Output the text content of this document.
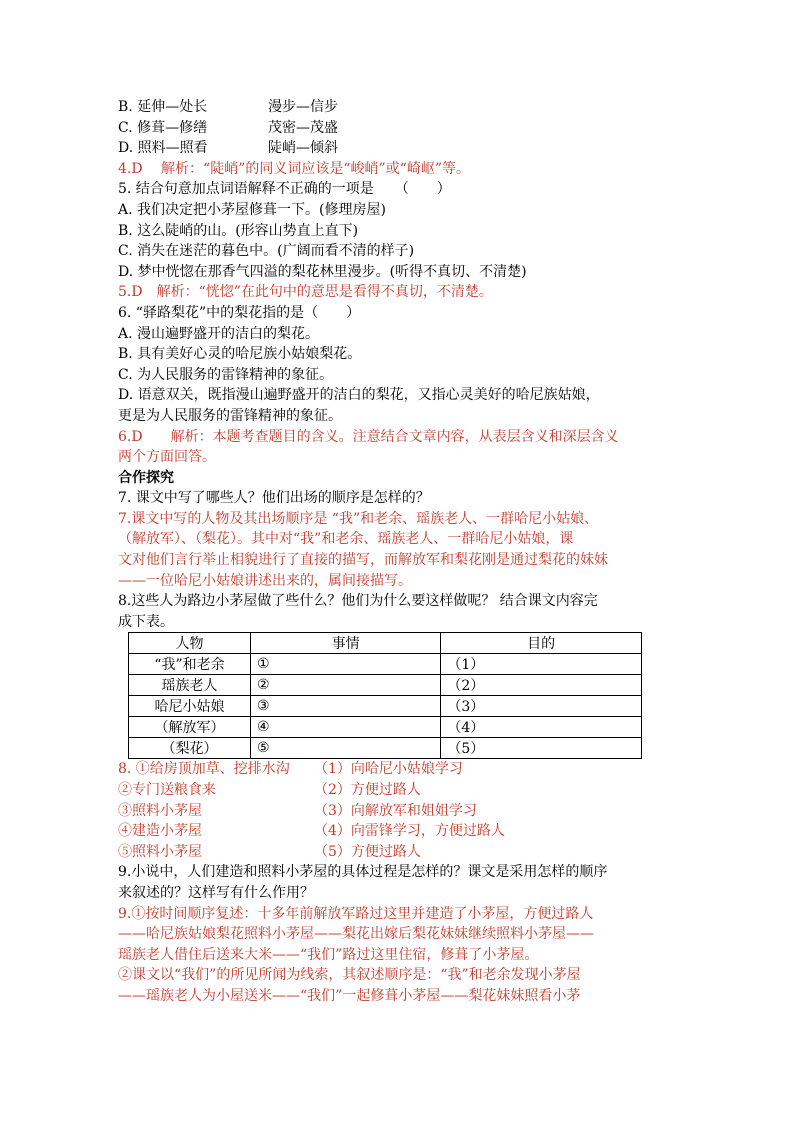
B. 延伸—处长	漫步—信步
C. 修葺—修缮	茂密—茂盛
D. 照料—照看	陡峭—倾斜
4.D　 解析：“陡峭”的同义词应该是“峻峭”或“崎岖”等。
5. 结合句意加点词语解释不正确的一项是　　（　　）
A. 我们决定把小茅屋修葺一下。(修理房屋)
B. 这么陡峭的山。(形容山势直上直下)
C. 消失在迷茫的暮色中。(广阔而看不清的样子)
D. 梦中恍惚在那香气四溢的梨花林里漫步。(听得不真切、不清楚)
5.D　解析：“恍惚”在此句中的意思是看得不真切，不清楚。
6. “驿路梨花”中的梨花指的是（　　）
A. 漫山遍野盛开的洁白的梨花。
B. 具有美好心灵的哈尼族小姑娘梨花。
C. 为人民服务的雷锋精神的象征。
D. 语意双关，既指漫山遍野盛开的洁白的梨花，又指心灵美好的哈尼族姑娘，
更是为人民服务的雷锋精神的象征。
6.D　　解析：本题考查题目的含义。注意结合文章内容，从表层含义和深层含义
两个方面回答。
合作探究
7. 课文中写了哪些人？他们出场的顺序是怎样的？
7.课文中写的人物及其出场顺序是 “我”和老余、瑶族老人、一群哈尼小姑娘、
（解放军）、（梨花）。其中对“我”和老余、瑶族老人、一群哈尼小姑娘，课
文对他们言行举止相貌进行了直接的描写，而解放军和梨花刚是通过梨花的妹妹
——一位哈尼小姑娘讲述出来的，属间接描写。
8.这些人为路边小茅屋做了些什么？他们为什么要这样做呢？ 结合课文内容完
成下表。
人物	事情	目的
“我”和老余	①	（1）
瑶族老人	②	（2）
哈尼小姑娘	③	（3）
（解放军）	④	（4）
（梨花）	⑤	（5）
8. ①给房顶加草、挖排水沟 （1）向哈尼小姑娘学习
②专门送粮食来	（2）方便过路人
③照料小茅屋	（3）向解放军和姐姐学习
④建造小茅屋	（4）向雷锋学习，方便过路人
⑤照料小茅屋	（5）方便过路人
9.小说中，人们建造和照料小茅屋的具体过程是怎样的？课文是采用怎样的顺序
来叙述的？这样写有什么作用？
9.①按时间顺序复述：十多年前解放军路过这里并建造了小茅屋，方便过路人
——哈尼族姑娘梨花照料小茅屋——梨花出嫁后梨花妹妹继续照料小茅屋——
瑶族老人借住后送来大米——“我们”路过这里住宿，修葺了小茅屋。
②课文以“我们”的所见所闻为线索，其叙述顺序是：“我”和老余发现小茅屋
——瑶族老人为小屋送米——“我们”一起修葺小茅屋——梨花妹妹照看小茅
